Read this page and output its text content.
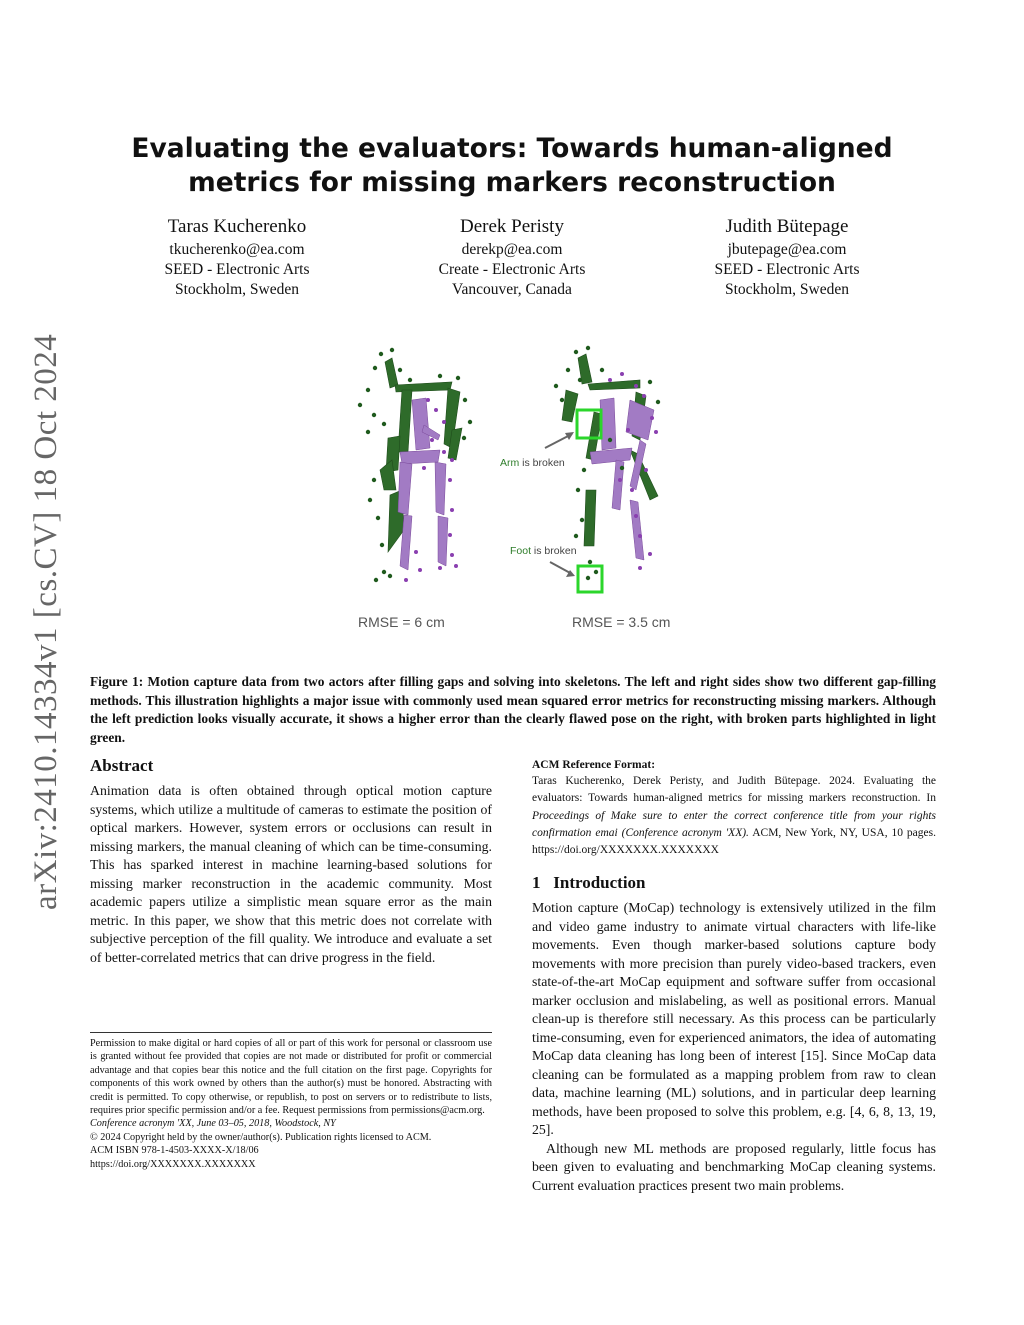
arXiv:2410.14334v1 [cs.CV] 18 Oct 2024
Evaluating the evaluators: Towards human-aligned metrics for missing markers reconstruction
Taras Kucherenko
tkucherenko@ea.com
SEED - Electronic Arts
Stockholm, Sweden
Derek Peristy
derekp@ea.com
Create - Electronic Arts
Vancouver, Canada
Judith Bütepage
jbutepage@ea.com
SEED - Electronic Arts
Stockholm, Sweden
RMSE = 6 cm
Arm is broken
Foot is broken
RMSE = 3.5 cm

Figure 1: Motion capture data from two actors after filling gaps and solving into skeletons. The left and right sides show two different gap-filling methods. This illustration highlights a major issue with commonly used mean squared error metrics for reconstructing missing markers. Although the left prediction looks visually accurate, it shows a higher error than the clearly flawed pose on the right, with broken parts highlighted in light green.

Abstract

Animation data is often obtained through optical motion capture systems, which utilize a multitude of cameras to estimate the position of optical markers. However, system errors or occlusions can result in missing markers, the manual cleaning of which can be time-consuming. This has sparked interest in machine learning-based solutions for missing marker reconstruction in the academic community. Most academic papers utilize a simplistic mean square error as the main metric. In this paper, we show that this metric does not correlate with subjective perception of the fill quality. We introduce and evaluate a set of better-correlated metrics that can drive progress in the field.

ACM Reference Format:

Taras Kucherenko, Derek Peristy, and Judith Bütepage. 2024. Evaluating the evaluators: Towards human-aligned metrics for missing markers reconstruction. In Proceedings of Make sure to enter the correct conference title from your rights confirmation emai (Conference acronym 'XX). ACM, New York, NY, USA, 10 pages. https://doi.org/XXXXXXX.XXXXXXX

1 Introduction

Motion capture (MoCap) technology is extensively utilized in the film and video game industry to animate virtual characters with life-like movements. Even though marker-based solutions capture body movements with more precision than purely video-based trackers, even state-of-the-art MoCap equipment and software suffer from occasional marker occlusion and mislabeling, as well as positional errors. Manual clean-up is therefore still necessary. As this process can be particularly time-consuming, even for experienced animators, the idea of automating MoCap data cleaning has long been of interest [15]. Since MoCap data cleaning can be formulated as a mapping problem from raw to clean data, machine learning (ML) solutions, and in particular deep learning methods, have been proposed to solve this problem, e.g. [4, 6, 8, 13, 19, 25].

Although new ML methods are proposed regularly, little focus has been given to evaluating and benchmarking MoCap cleaning systems. Current evaluation practices present two main problems.

Permission to make digital or hard copies of all or part of this work for personal or classroom use is granted without fee provided that copies are not made or distributed for profit or commercial advantage and that copies bear this notice and the full citation on the first page. Copyrights for components of this work owned by others than the author(s) must be honored. Abstracting with credit is permitted. To copy otherwise, or republish, to post on servers or to redistribute to lists, requires prior specific permission and/or a fee. Request permissions from permissions@acm.org.

Conference acronym 'XX, June 03–05, 2018, Woodstock, NY

© 2024 Copyright held by the owner/author(s). Publication rights licensed to ACM.

ACM ISBN 978-1-4503-XXXX-X/18/06

https://doi.org/XXXXXXX.XXXXXXX
